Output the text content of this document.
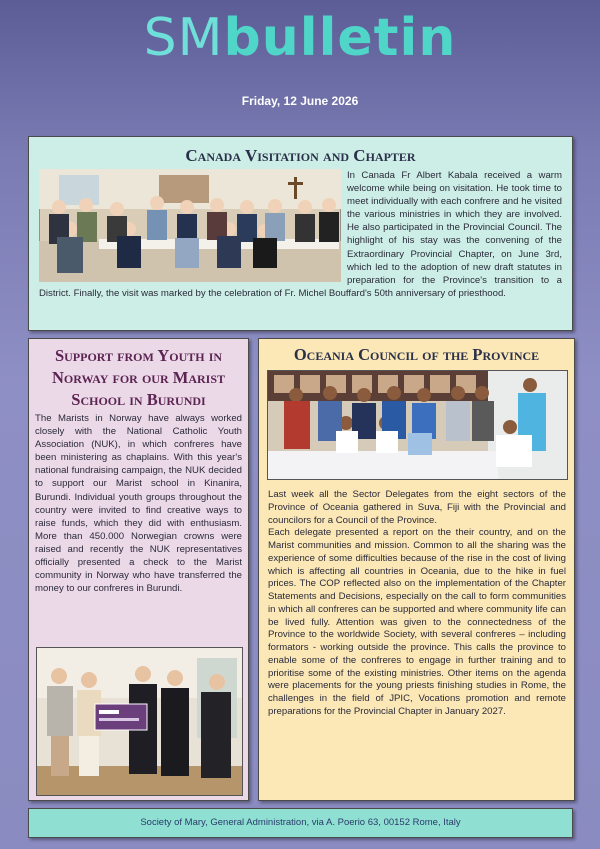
SMbulletin
Friday, 12 June 2026
Canada Visitation and Chapter

In Canada Fr Albert Kabala received a warm welcome while being on visitation. He took time to meet individually with each confrere and he visited the various ministries in which they are involved. He also participated in the Provincial Council. The highlight of his stay was the convening of the Extraordinary Provincial Chapter, on June 3rd, which led to the adoption of new draft statutes in preparation for the Province's transition to a District. Finally, the visit was marked by the celebration of Fr. Michel Bouffard's 50th anniversary of priesthood.

Support from Youth in Norway for our Marist School in Burundi

The Marists in Norway have always worked closely with the National Catholic Youth Association (NUK), in which confreres have been ministering as chaplains. With this year's national fundraising campaign, the NUK decided to support our Marist school in Kinanira, Burundi. Individual youth groups throughout the country were invited to find creative ways to raise funds, which they did with enthusiasm. More than 450.000 Norwegian crowns were raised and recently the NUK representatives officially presented a check to the Marist community in Norway who have transferred the money to our confreres in Burundi.

Oceania Council of the Province

Last week all the Sector Delegates from the eight sectors of the Province of Oceania gathered in Suva, Fiji with the Provincial and councilors for a Council of the Province.

Each delegate presented a report on the their country, and on the Marist communities and mission. Common to all the sharing was the experience of some difficulties because of the rise in the cost of living which is affecting all countries in Oceania, due to the hike in fuel prices. The COP reflected also on the implementation of the Chapter Statements and Decisions, especially on the call to form communities in which all confreres can be supported and where community life can be lived fully. Attention was given to the connectedness of the Province to the worldwide Society, with several confreres – including formators - working outside the province. This calls the province to enable some of the confreres to engage in further training and to prioritise some of the existing ministries. Other items on the agenda were placements for the young priests finishing studies in Rome, the challenges in the field of JPIC, Vocations promotion and remote preparations for the Provincial Chapter in January 2027.

Society of Mary, General Administration, via A. Poerio 63, 00152 Rome, Italy
